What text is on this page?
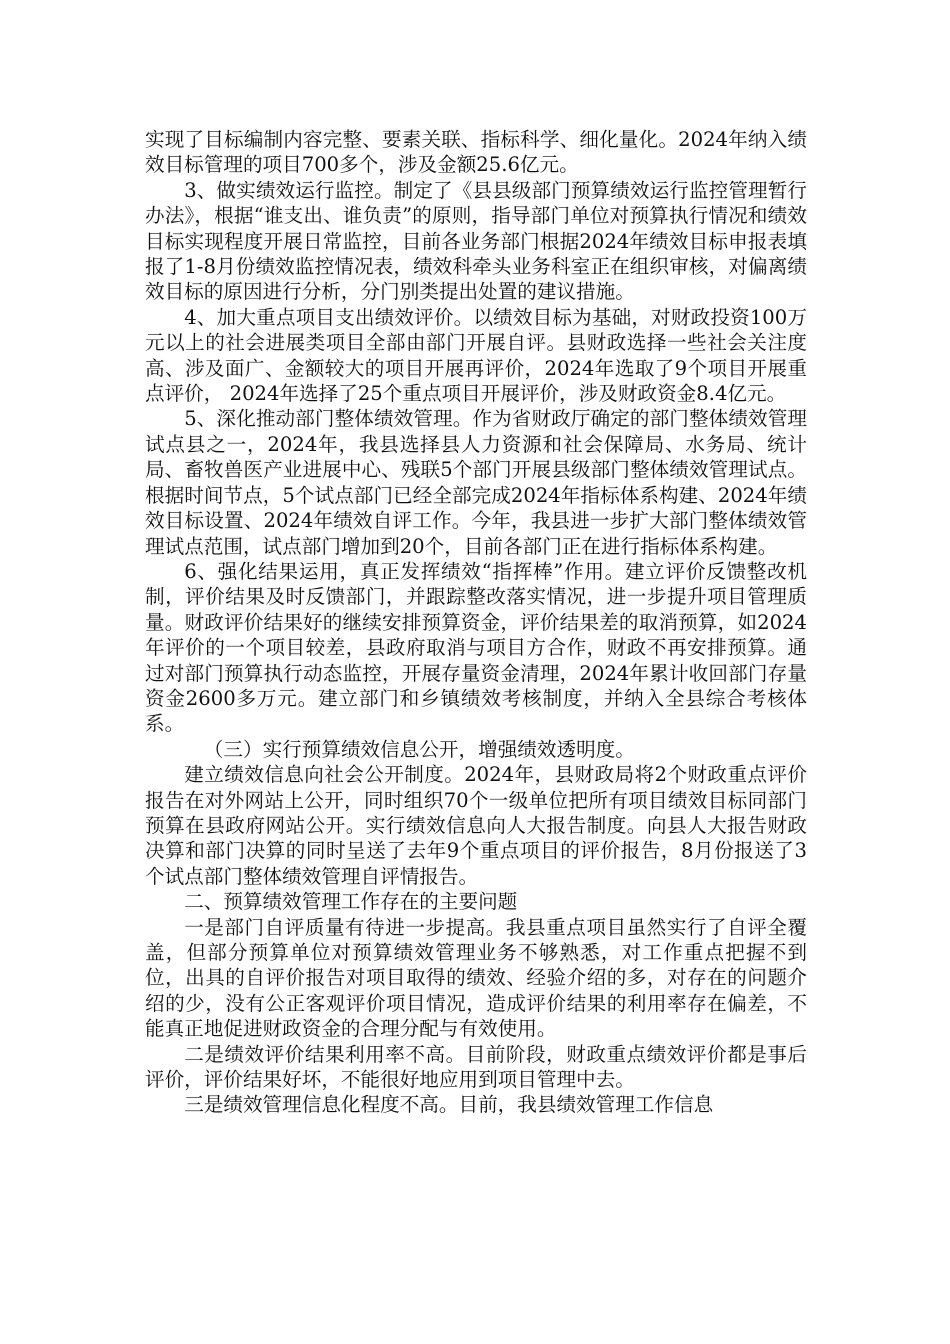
实现了目标编制内容完整、要素关联、指标科学、细化量化。2024年纳入绩效目标管理的项目700多个，涉及金额25.6亿元。

3、做实绩效运行监控。制定了《县县级部门预算绩效运行监控管理暂行办法》，根据“谁支出、谁负责”的原则，指导部门单位对预算执行情况和绩效目标实现程度开展日常监控，目前各业务部门根据2024年绩效目标申报表填报了1-8月份绩效监控情况表，绩效科牵头业务科室正在组织审核，对偏离绩效目标的原因进行分析，分门别类提出处置的建议措施。

4、加大重点项目支出绩效评价。以绩效目标为基础，对财政投资100万元以上的社会进展类项目全部由部门开展自评。县财政选择一些社会关注度高、涉及面广、金额较大的项目开展再评价，2024年选取了9个项目开展重点评价， 2024年选择了25个重点项目开展评价，涉及财政资金8.4亿元。

5、深化推动部门整体绩效管理。作为省财政厅确定的部门整体绩效管理试点县之一，2024年，我县选择县人力资源和社会保障局、水务局、统计局、畜牧兽医产业进展中心、残联5个部门开展县级部门整体绩效管理试点。根据时间节点，5个试点部门已经全部完成2024年指标体系构建、2024年绩效目标设置、2024年绩效自评工作。今年，我县进一步扩大部门整体绩效管理试点范围，试点部门增加到20个，目前各部门正在进行指标体系构建。

6、强化结果运用，真正发挥绩效“指挥棒”作用。建立评价反馈整改机制，评价结果及时反馈部门，并跟踪整改落实情况，进一步提升项目管理质量。财政评价结果好的继续安排预算资金，评价结果差的取消预算，如2024年评价的一个项目较差，县政府取消与项目方合作，财政不再安排预算。通过对部门预算执行动态监控，开展存量资金清理，2024年累计收回部门存量资金2600多万元。建立部门和乡镇绩效考核制度，并纳入全县综合考核体系。

（三）实行预算绩效信息公开，增强绩效透明度。

建立绩效信息向社会公开制度。2024年，县财政局将2个财政重点评价报告在对外网站上公开，同时组织70个一级单位把所有项目绩效目标同部门预算在县政府网站公开。实行绩效信息向人大报告制度。向县人大报告财政决算和部门决算的同时呈送了去年9个重点项目的评价报告，8月份报送了3个试点部门整体绩效管理自评情报告。

二、预算绩效管理工作存在的主要问题

一是部门自评质量有待进一步提高。我县重点项目虽然实行了自评全覆盖，但部分预算单位对预算绩效管理业务不够熟悉，对工作重点把握不到位，出具的自评价报告对项目取得的绩效、经验介绍的多，对存在的问题介绍的少，没有公正客观评价项目情况，造成评价结果的利用率存在偏差，不能真正地促进财政资金的合理分配与有效使用。

二是绩效评价结果利用率不高。目前阶段，财政重点绩效评价都是事后评价，评价结果好坏，不能很好地应用到项目管理中去。

三是绩效管理信息化程度不高。目前，我县绩效管理工作信息
